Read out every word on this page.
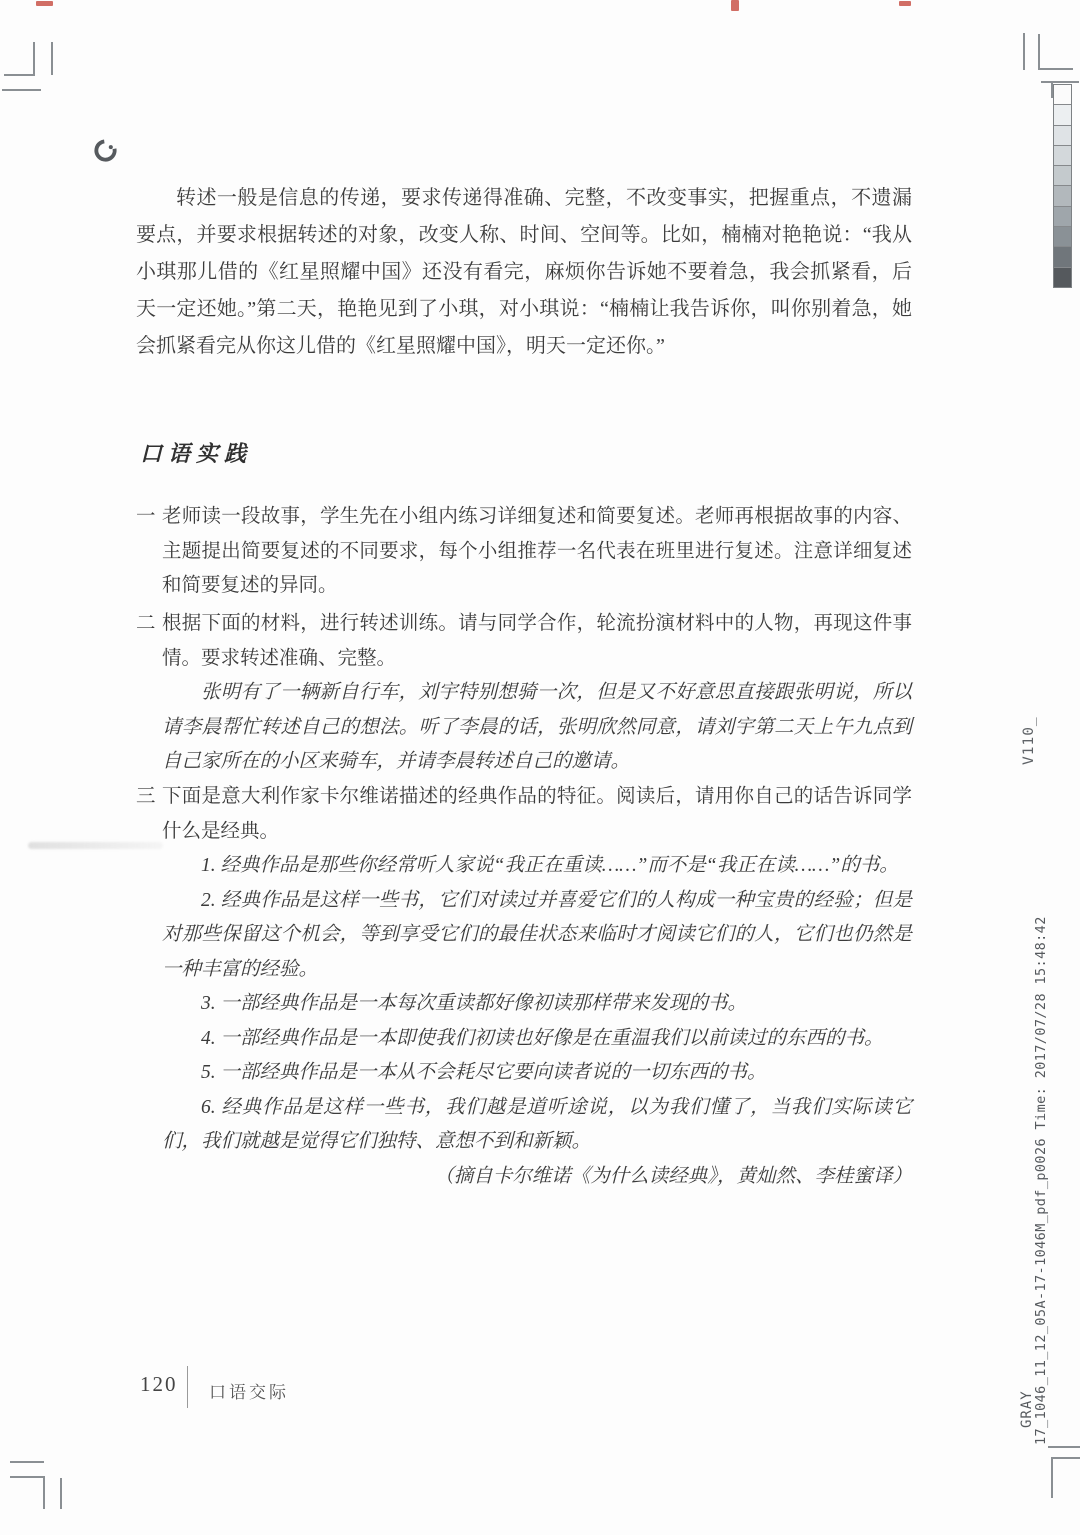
转述一般是信息的传递，要求传递得准确、完整，不改变事实，把握重点，不遗漏要点，并要求根据转述的对象，改变人称、时间、空间等。比如，楠楠对艳艳说：“我从小琪那儿借的《红星照耀中国》还没有看完，麻烦你告诉她不要着急，我会抓紧看，后天一定还她。”第二天，艳艳见到了小琪，对小琪说：“楠楠让我告诉你，叫你别着急，她会抓紧看完从你这儿借的《红星照耀中国》，明天一定还你。”

口语实践
一 老师读一段故事，学生先在小组内练习详细复述和简要复述。老师再根据故事的内容、主题提出简要复述的不同要求，每个小组推荐一名代表在班里进行复述。注意详细复述和简要复述的异同。

二 根据下面的材料，进行转述训练。请与同学合作，轮流扮演材料中的人物，再现这件事情。要求转述准确、完整。

张明有了一辆新自行车，刘宇特别想骑一次，但是又不好意思直接跟张明说，所以请李晨帮忙转述自己的想法。听了李晨的话，张明欣然同意，请刘宇第二天上午九点到自己家所在的小区来骑车，并请李晨转述自己的邀请。

三 下面是意大利作家卡尔维诺描述的经典作品的特征。阅读后，请用你自己的话告诉同学什么是经典。

1. 经典作品是那些你经常听人家说“我正在重读……”而不是“我正在读……”的书。

2. 经典作品是这样一些书，它们对读过并喜爱它们的人构成一种宝贵的经验；但是对那些保留这个机会，等到享受它们的最佳状态来临时才阅读它们的人，它们也仍然是一种丰富的经验。

3. 一部经典作品是一本每次重读都好像初读那样带来发现的书。

4. 一部经典作品是一本即使我们初读也好像是在重温我们以前读过的东西的书。

5. 一部经典作品是一本从不会耗尽它要向读者说的一切东西的书。

6. 经典作品是这样一些书，我们越是道听途说，以为我们懂了，当我们实际读它们，我们就越是觉得它们独特、意想不到和新颖。

（摘自卡尔维诺《为什么读经典》，黄灿然、李桂蜜译）

120 口语交际
V110_
17_1046_11_12_05A-17-1046M_pdf_p0026 Time: 2017/07/28 15:48:42
GRAY
